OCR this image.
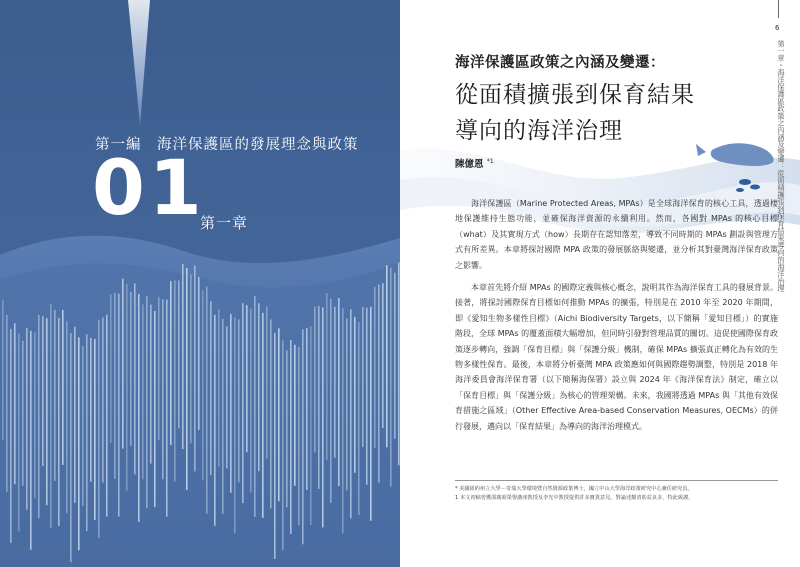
第一編　海洋保護區的發展理念與政策
01
第一章
海洋保護區政策之內涵及變遷：
從面積擴張到保育結果
導向的海洋治理
陳億恩 $^{*1}$

海洋保護區（Marine Protected Areas, MPAs）是全球海洋保育的核心工具，透過棲地保護維持生態功能，並確保海洋資源的永續利用。然而，各國對 MPAs 的核心目標（what）及其實現方式（how）長期存在認知落差，導致不同時期的 MPAs 劃設與管理方式有所差異。本章將探討國際 MPA 政策的發展脈絡與變遷，並分析其對臺灣海洋保育政策之影響。

本章首先將介紹 MPAs 的國際定義與核心概念，說明其作為海洋保育工具的發展背景。接著，將探討國際保育目標如何推動 MPAs 的擴張，特別是在 2010 年至 2020 年期間，即《愛知生物多樣性目標》（Aichi Biodiversity Targets，以下簡稱「愛知目標」）的實施階段，全球 MPAs 的覆蓋面積大幅增加，但同時引發對管理品質的關切。這促使國際保育政策逐步轉向，強調「保育目標」與「保護分級」機制，確保 MPAs 擴張真正轉化為有效的生物多樣性保育。最後，本章將分析臺灣 MPA 政策應如何與國際趨勢調整，特別是 2018 年海洋委員會海洋保育署（以下簡稱海保署）設立與 2024 年《海洋保育法》制定，確立以「保育目標」與「保護分級」為核心的管理架構。未來，我國將透過 MPAs 與「其他有效保育措施之區域」（Other Effective Area-based Conservation Measures, OECMs）的併行發展，邁向以「保育結果」為導向的海洋治理模式。

* 美國紐約州立大學－奇瑞大學環境暨自然資源政策博士，國立中山大學海洋政策研究中心兼任研究員。
1 本文初稿曾獲邵廣昭榮譽講座教授及李光中教授提供許多寶貴意見，對論述釐清助益良多，特此致謝。
6
第一章・海洋保護區政策之內涵及變遷：從面積擴張到保育結果導向的海洋治理
